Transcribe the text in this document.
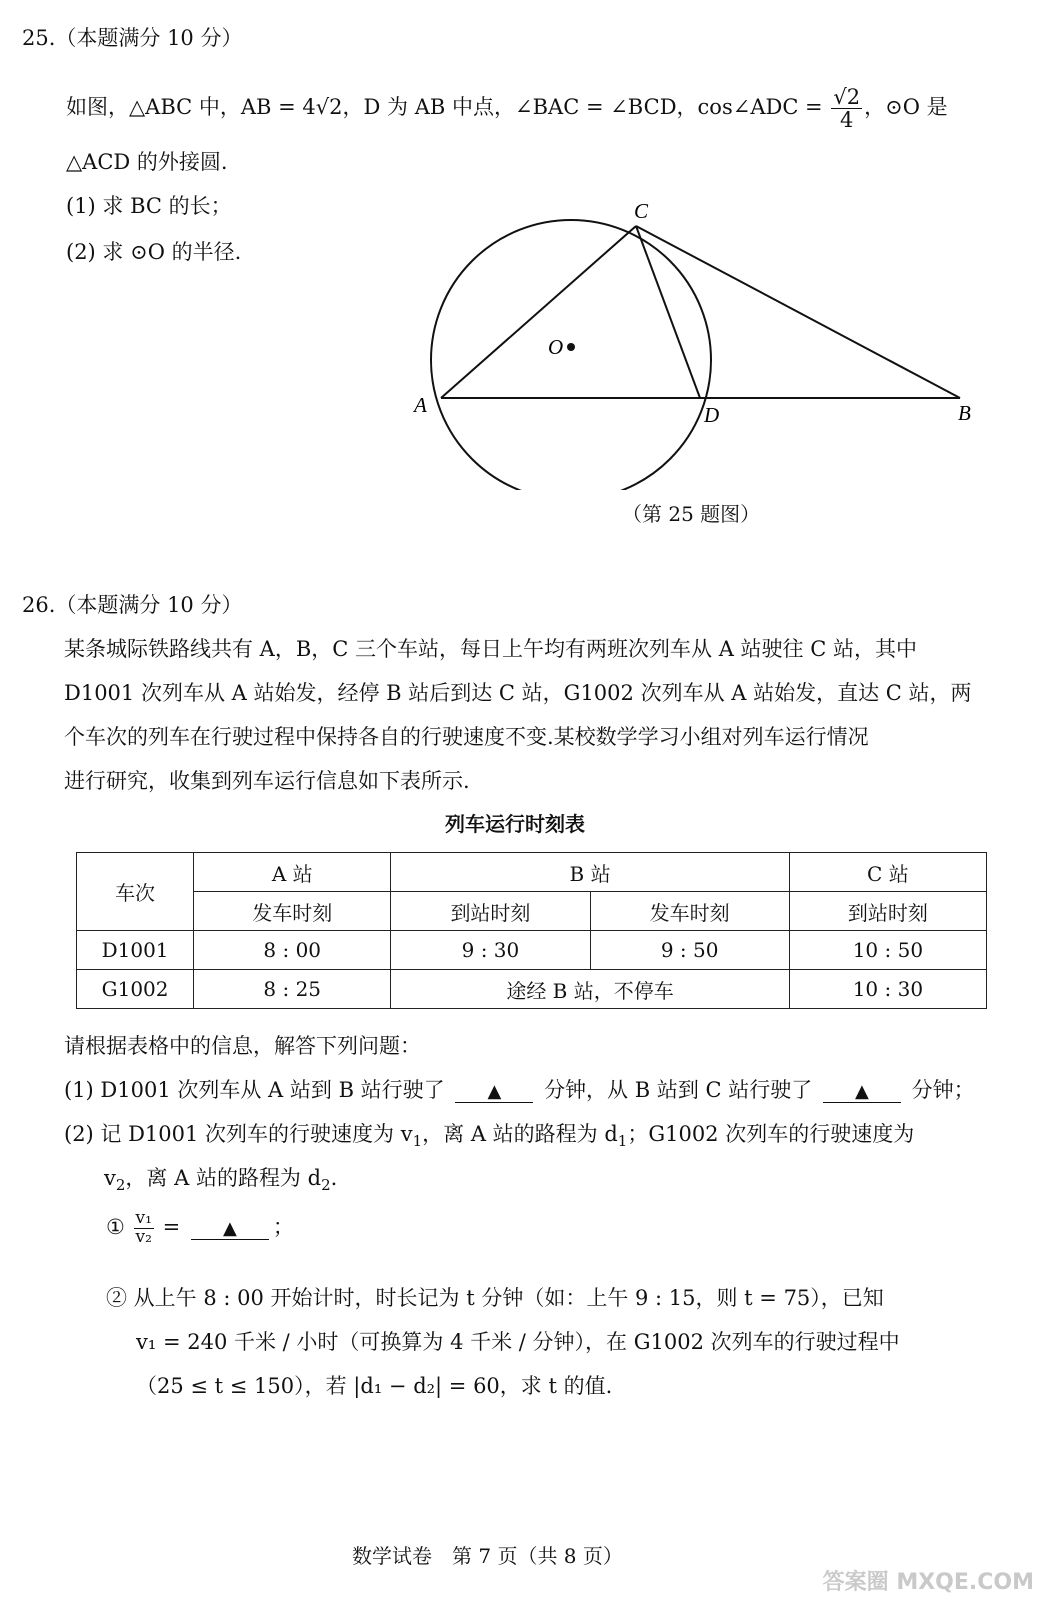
25.（本题满分 10 分）
如图，△ABC 中，AB = 4√2，D 为 AB 中点，∠BAC = ∠BCD，cos∠ADC = $\frac{√2}{4}$ ，⊙O 是
△ACD 的外接圆.
(1) 求 BC 的长；
(2) 求 ⊙O 的半径.
A	B
C
D
O
（第 25 题图）
26.（本题满分 10 分）
某条城际铁路线共有 A，B，C 三个车站，每日上午均有两班次列车从 A 站驶往 C 站，其中
D1001 次列车从 A 站始发，经停 B 站后到达 C 站，G1002 次列车从 A 站始发，直达 C 站，两
个车次的列车在行驶过程中保持各自的行驶速度不变.某校数学学习小组对列车运行情况
进行研究，收集到列车运行信息如下表所示.
列车运行时刻表
车次	A 站	B 站		C 站
	发车时刻	到站时刻	发车时刻	到站时刻
D1001	8 : 00	9 : 30	9 : 50	10 : 50
G1002	8 : 25	途经 B 站，不停车		10 : 30
请根据表格中的信息，解答下列问题：
(1) D1001 次列车从 A 站到 B 站行驶了 ▲ 分钟，从 B 站到 C 站行驶了 ▲ 分钟；
(2) 记 D1001 次列车的行驶速度为 $v_1$，离 A 站的路程为 $d_1$；G1002 次列车的行驶速度为
$v_2$，离 A 站的路程为 $d_2$.
① $\frac{\text{v₁}}{\text{v₂}}$ = ▲ ；
② 从上午 8 : 00 开始计时，时长记为 t 分钟（如：上午 9 : 15，则 t = 75），已知
v₁ = 240 千米 / 小时（可换算为 4 千米 / 分钟），在 G1002 次列车的行驶过程中
（25 ≤ t ≤ 150），若 |d₁ − d₂| = 60，求 t 的值.
数学试卷　第 7 页（共 8 页）
答案圈 MXQE.COM
